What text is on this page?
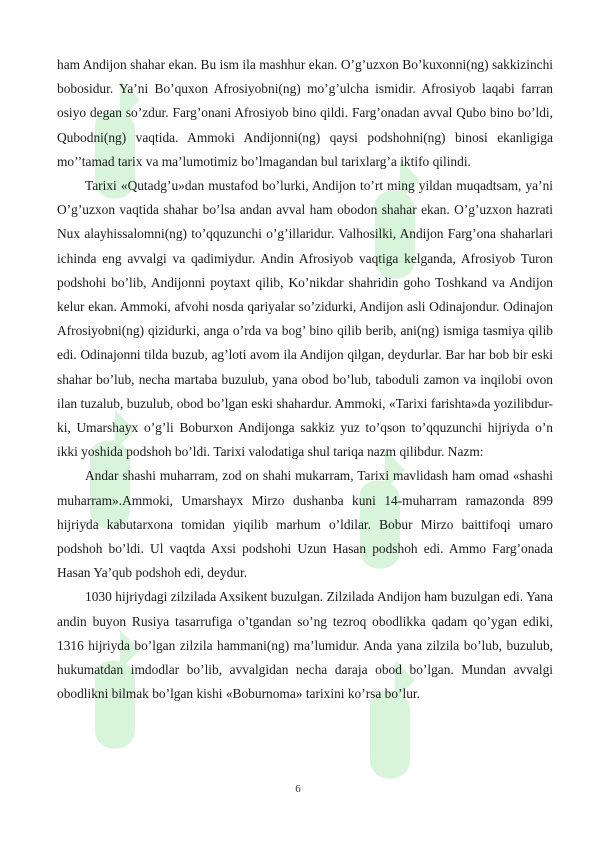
ham Andijon shahar ekan. Bu ism ila mashhur ekan. O’g’uzxon Bo’kuxonni(ng) sakkizinchi bobosidur. Ya’ni Bo’quxon Afrosiyobni(ng) mo’g’ulcha ismidir. Afrosiyob laqabi farran osiyo degan so’zdur. Farg’onani Afrosiyob bino qildi. Farg’onadan avval Qubo bino bo’ldi, Qubodni(ng) vaqtida. Ammoki Andijonni(ng) qaysi podshohni(ng) binosi ekanligiga mo’’tamad tarix va ma’lumotimiz bo’lmagandan bul tarixlarg’a iktifo qilindi.

Tarixi «Qutadg’u»dan mustafod bo’lurki, Andijon to’rt ming yildan muqadtsam, ya’ni O’g’uzxon vaqtida shahar bo’lsa andan avval ham obodon shahar ekan. O’g’uzxon hazrati Nux alayhissalomni(ng) to’qquzunchi o’g’illaridur. Valhosilki, Andijon Farg’ona shaharlari ichinda eng avvalgi va qadimiydur. Andin Afrosiyob vaqtiga kelganda, Afrosiyob Turon podshohi bo’lib, Andijonni poytaxt qilib, Ko’nikdar shahridin goho Toshkand va Andijon kelur ekan. Ammoki, afvohi nosda qariyalar so’zidurki, Andijon asli Odinajondur. Odinajon Afrosiyobni(ng) qizidurki, anga o’rda va bog’ bino qilib berib, ani(ng) ismiga tasmiya qilib edi. Odinajonni tilda buzub, ag’loti avom ila Andijon qilgan, deydurlar. Bar har bob bir eski shahar bo’lub, necha martaba buzulub, yana obod bo’lub, taboduli zamon va inqilobi ovon ilan tuzalub, buzulub, obod bo’lgan eski shahardur. Ammoki, «Tarixi farishta»da yozilibdur-ki, Umarshayx o’g’li Boburxon Andijonga sakkiz yuz to’qson to’qquzunchi hijriyda o’n ikki yoshida podshoh bo’ldi. Tarixi valodatiga shul tariqa nazm qilibdur. Nazm:

Andar shashi muharram, zod on shahi mukarram, Tarixi mavlidash ham omad «shashi muharram».Ammoki, Umarshayx Mirzo dushanba kuni 14-muharram ramazonda 899 hijriyda kabutarxona tomidan yiqilib marhum o’ldilar. Bobur Mirzo baittifoqi umaro podshoh bo’ldi. Ul vaqtda Axsi podshohi Uzun Hasan podshoh edi. Ammo Farg’onada Hasan Ya’qub podshoh edi, deydur.

1030 hijriydagi zilzilada Axsikent buzulgan. Zilzilada Andijon ham buzulgan edi. Yana andin buyon Rusiya tasarrufiga o’tgandan so’ng tezroq obodlikka qadam qo’ygan ediki, 1316 hijriyda bo’lgan zilzila hammani(ng) ma’lumidur. Anda yana zilzila bo’lub, buzulub, hukumatdan imdodlar bo’lib, avvalgidan necha daraja obod bo’lgan. Mundan avvalgi obodlikni bilmak bo’lgan kishi «Boburnoma» tarixini ko’rsa bo’lur.

6
